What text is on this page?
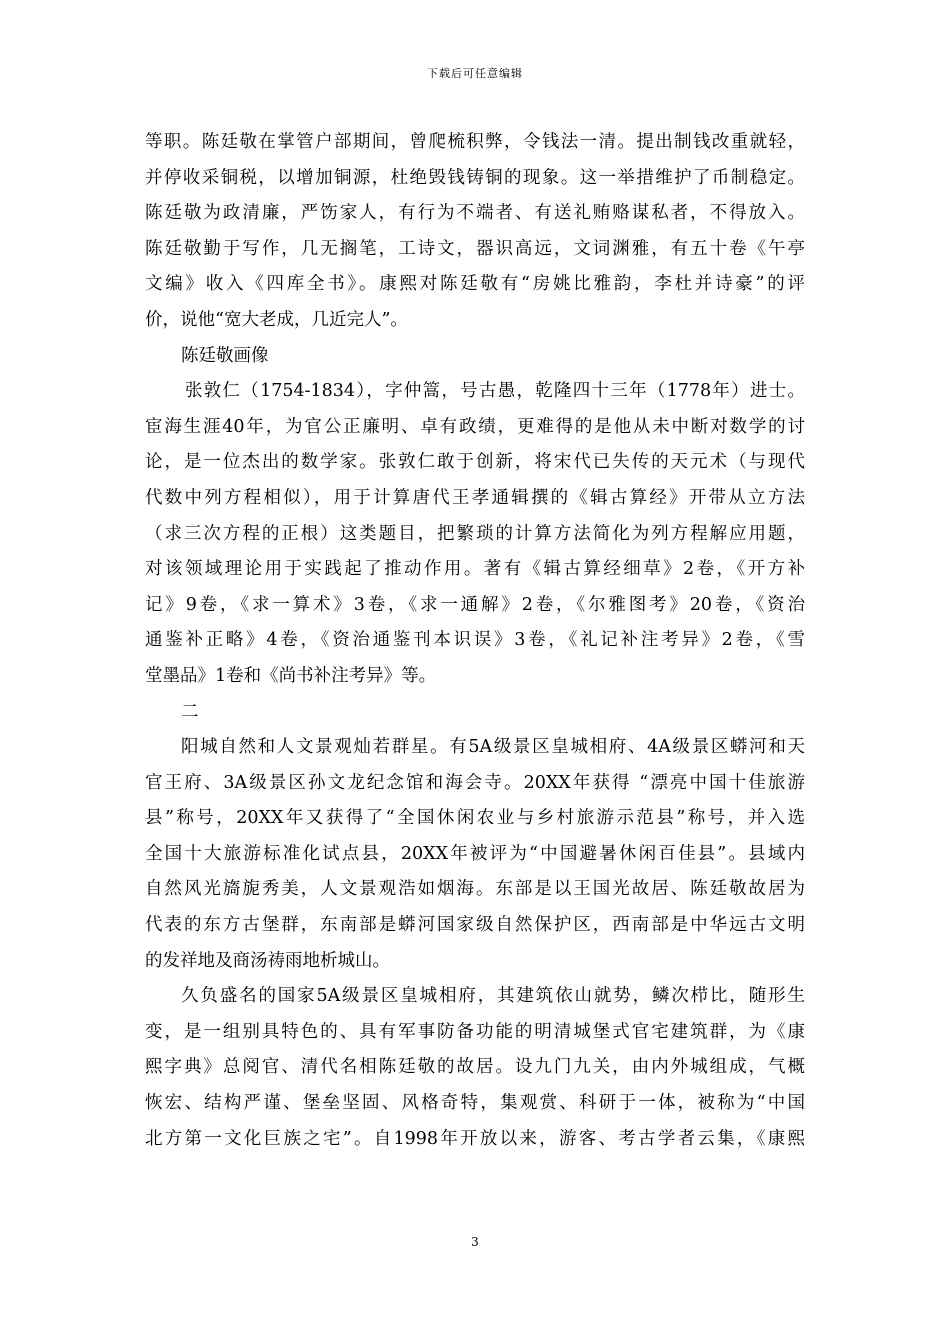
下载后可任意编辑
等职。陈廷敬在掌管户部期间，曾爬梳积弊，令钱法一清。提出制钱改重就轻，
并停收采铜税，以增加铜源，杜绝毁钱铸铜的现象。这一举措维护了币制稳定。
陈廷敬为政清廉，严饬家人，有行为不端者、有送礼贿赂谋私者，不得放入。
陈廷敬勤于写作，几无搁笔，工诗文，器识高远，文词渊雅，有五十卷《午亭
文编》收入《四库全书》。康熙对陈廷敬有“房姚比雅韵，李杜并诗豪”的评
价，说他“宽大老成，几近完人”。
陈廷敬画像
张敦仁（1754-1834），字仲篙，号古愚，乾隆四十三年（1778年）进士。
宦海生涯40年，为官公正廉明、卓有政绩，更难得的是他从未中断对数学的讨
论，是一位杰出的数学家。张敦仁敢于创新，将宋代已失传的天元术（与现代
代数中列方程相似），用于计算唐代王孝通辑撰的《辑古算经》开带从立方法
（求三次方程的正根）这类题目，把繁琐的计算方法简化为列方程解应用题，
对该领域理论用于实践起了推动作用。著有《辑古算经细草》2卷，《开方补
记》9卷，《求一算术》3卷，《求一通解》2卷，《尔雅图考》20卷，《资治
通鉴补正略》4卷，《资治通鉴刊本识误》3卷，《礼记补注考异》2卷，《雪
堂墨品》1卷和《尚书补注考异》等。
二
阳城自然和人文景观灿若群星。有5A级景区皇城相府、4A级景区蟒河和天
官王府、3A级景区孙文龙纪念馆和海会寺。20XX年获得 “漂亮中国十佳旅游
县”称号，20XX年又获得了“全国休闲农业与乡村旅游示范县”称号，并入选
全国十大旅游标准化试点县，20XX年被评为“中国避暑休闲百佳县”。县域内
自然风光旖旎秀美，人文景观浩如烟海。东部是以王国光故居、陈廷敬故居为
代表的东方古堡群，东南部是蟒河国家级自然保护区，西南部是中华远古文明
的发祥地及商汤祷雨地析城山。
久负盛名的国家5A级景区皇城相府，其建筑依山就势，鳞次栉比，随形生
变，是一组别具特色的、具有军事防备功能的明清城堡式官宅建筑群，为《康
熙字典》总阅官、清代名相陈廷敬的故居。设九门九关，由内外城组成，气概
恢宏、结构严谨、堡垒坚固、风格奇特，集观赏、科研于一体，被称为“中国
北方第一文化巨族之宅”。自1998年开放以来，游客、考古学者云集，《康熙
3
